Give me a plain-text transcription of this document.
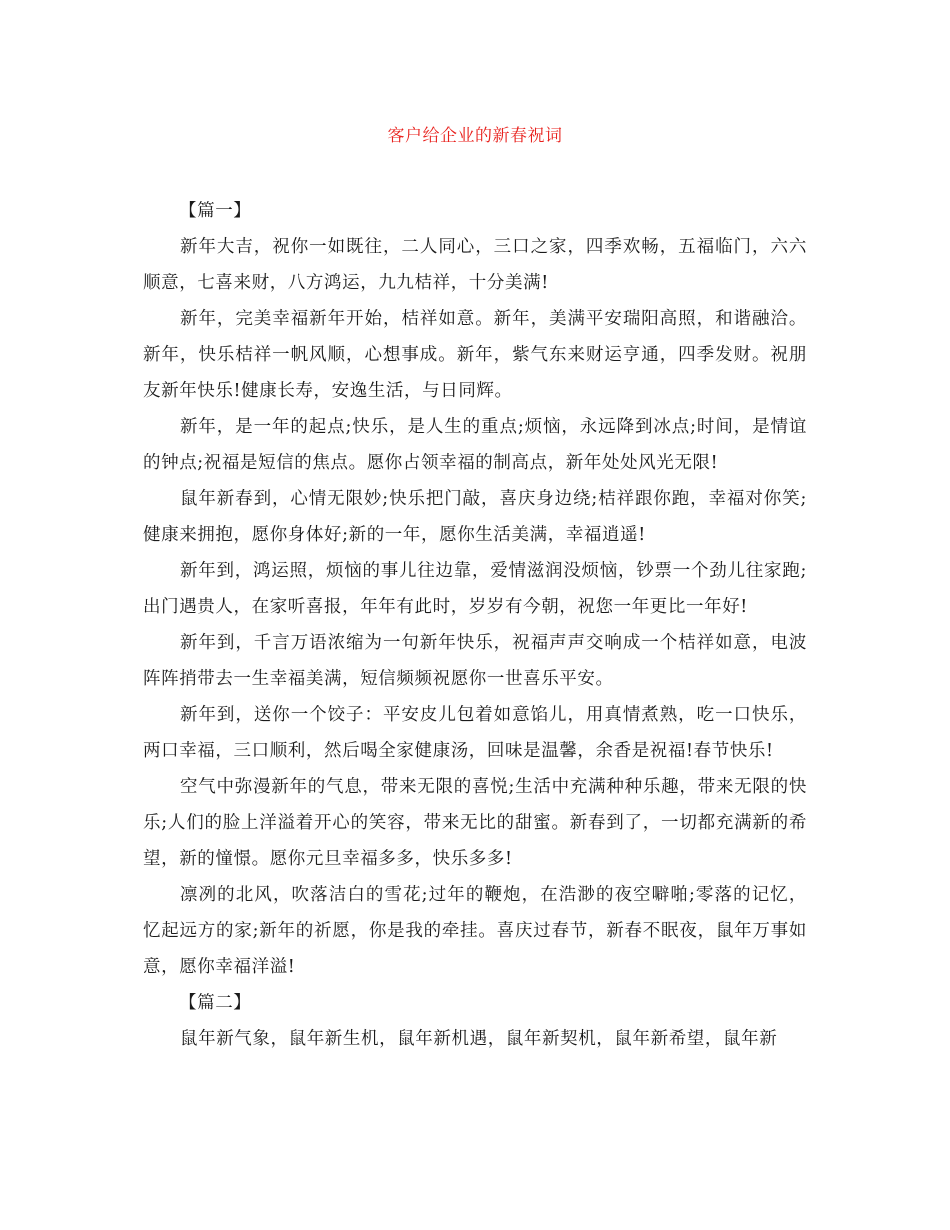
客户给企业的新春祝词

【篇一】

新年大吉，祝你一如既往，二人同心，三口之家，四季欢畅，五福临门，六六顺意，七喜来财，八方鸿运，九九桔祥，十分美满!

新年，完美幸福新年开始，桔祥如意。新年，美满平安瑞阳高照，和谐融洽。新年，快乐桔祥一帆风顺，心想事成。新年，紫气东来财运亨通，四季发财。祝朋友新年快乐!健康长寿，安逸生活，与日同辉。

新年，是一年的起点;快乐，是人生的重点;烦恼，永远降到冰点;时间，是情谊的钟点;祝福是短信的焦点。愿你占领幸福的制高点，新年处处风光无限!

鼠年新春到，心情无限妙;快乐把门敲，喜庆身边绕;桔祥跟你跑，幸福对你笑;健康来拥抱，愿你身体好;新的一年，愿你生活美满，幸福逍遥!

新年到，鸿运照，烦恼的事儿往边靠，爱情滋润没烦恼，钞票一个劲儿往家跑;出门遇贵人，在家听喜报，年年有此时，岁岁有今朝，祝您一年更比一年好!

新年到，千言万语浓缩为一句新年快乐，祝福声声交响成一个桔祥如意，电波阵阵捎带去一生幸福美满，短信频频祝愿你一世喜乐平安。

新年到，送你一个饺子：平安皮儿包着如意馅儿，用真情煮熟，吃一口快乐，两口幸福，三口顺利，然后喝全家健康汤，回味是温馨，余香是祝福!春节快乐!

空气中弥漫新年的气息，带来无限的喜悦;生活中充满种种乐趣，带来无限的快乐;人们的脸上洋溢着开心的笑容，带来无比的甜蜜。新春到了，一切都充满新的希望，新的憧憬。愿你元旦幸福多多，快乐多多!

凛冽的北风，吹落洁白的雪花;过年的鞭炮，在浩渺的夜空噼啪;零落的记忆，忆起远方的家;新年的祈愿，你是我的牵挂。喜庆过春节，新春不眠夜，鼠年万事如意，愿你幸福洋溢!

【篇二】

鼠年新气象，鼠年新生机，鼠年新机遇，鼠年新契机，鼠年新希望，鼠年新
